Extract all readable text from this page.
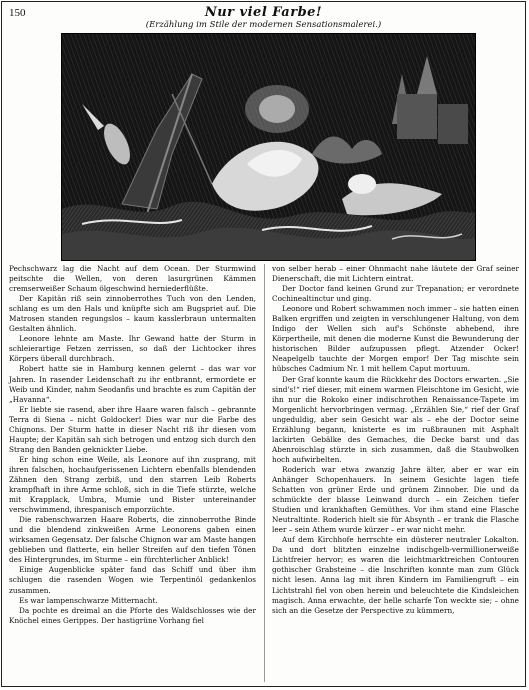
150	Nur viel Farbe!
(Erzählung im Stile der modernen Sensationsmalerei.)

Pechschwarz lag die Nacht auf dem Ocean. Der Sturmwind peitschte die Wellen, von deren lasurgrünen Kämmen cremserweißer Schaum ölgeschwind herniederflüßte.

Der Kapitän riß sein zinnoberrothes Tuch von den Lenden, schlang es um den Hals und knüpfte sich am Bugspriet auf. Die Matrosen standen regungslos – kaum kasslerbraun untermalten Gestalten ähnlich.

Leonore lehnte am Maste. Ihr Gewand hatte der Sturm in schleierartige Fetzen zerrissen, so daß der Lichtocker ihres Körpers überall durchbrach.

Robert hatte sie in Hamburg kennen gelernt – das war vor Jahren. In rasender Leidenschaft zu ihr entbrannt, ermordete er Weib und Kinder, nahm Seodanfis und brachte es zum Capitän der „Havanna“.

Er liebte sie rasend, aber ihre Haare waren falsch – gebrannte Terra di Siena – nicht Goldocker! Dies war nur die Farbe des Chignons. Der Sturm hatte in dieser Nacht riß ihr diesen vom Haupte; der Kapitän sah sich betrogen und entzog sich durch den Strang den Banden geknickter Liebe.

Er hing schon eine Weile, als Leonore auf ihn zusprang, mit ihren falschen, hochaufgerissenen Lichtern ebenfalls blendenden Zähnen den Strang zerbiß, und den starren Leib Roberts krampfhaft in ihre Arme schloß, sich in die Tiefe stürzte, welche mit Krapplack, Umbra, Mumie und Bister untereinander verschwimmend, ihrespanisch emporzüchte.

Die rabenschwarzen Haare Roberts, die zinnoberrothe Binde und die blendend zinkweißen Arme Leonorens gaben einen wirksamen Gegensatz. Der falsche Chignon war am Maste hangen geblieben und flatterte, ein heller Streifen auf den tiefen Tönen des Hintergrundes, im Sturme – ein fürchterlicher Anblick!

Einige Augenblicke später fand das Schiff und über ihm schlugen die rasenden Wogen wie Terpentinöl gedankenlos zusammen.

Es war lampenschwarze Mitternacht.

Da pochte es dreimal an die Pforte des Waldschlosses wie der Knöchel eines Gerippes. Der hastigrüne Vorhang fiel

von selber herab – einer Ohnmacht nahe läutete der Graf seiner Dienerschaft, die mit Lichtern eintrat.

Der Doctor fand keinen Grund zur Trepanation; er verordnete Cochinealtinctur und ging.

Leonore und Robert schwammen noch immer – sie hatten einen Balken ergriffen und zeigten in verschlungener Haltung, von dem Indigo der Wellen sich auf's Schönste abhebend, ihre Körpertheile, mit denen die moderne Kunst die Bewunderung der historischen Bilder aufzupussen pflegt. Atzender Ocker! Neapelgelb tauchte der Morgen empor! Der Tag mischte sein hübsches Cadmium Nr. 1 mit hellem Caput mortuum.

Der Graf konnte kaum die Rückkehr des Doctors erwarten. „Sie sind's!“ rief dieser, mit einem warmen Fleischtone im Gesicht, wie ihn nur die Rokoko einer indischrothen Renaissance-Tapete im Morgenlicht hervorbringen vermag. „Erzählen Sie,“ rief der Graf ungeduldig, aber sein Gesicht war als – ehe der Doctor seine Erzählung begann, knisterte es im rußbraunen mit Asphalt lackirten Gebälke des Gemaches, die Decke barst und das Abenroischlag stürzte in sich zusammen, daß die Staubwolken hoch aufwirbelten.

Roderich war etwa zwanzig Jahre älter, aber er war ein Anhänger Schopenhauers. In seinem Gesichte lagen tiefe Schatten von grüner Erde und grünem Zinnober. Die und da schmückte der blasse Leinwand durch – ein Zeichen tiefer Studien und krankhaften Gemüthes. Vor ihm stand eine Flasche Neutraltinte. Roderich hielt sie für Absynth – er trank die Flasche leer – sein Athem wurde kürzer – er war nicht mehr.

Auf dem Kirchhofe herrschte ein düsterer neutraler Lokalton. Da und dort blitzten einzelne indischgelb-vermillionerweiße Lichtfreier hervor; es waren die leichtmarktreichen Contouren gothischer Grabsteine – die Inschriften konnte man zum Glück nicht lesen. Anna lag mit ihren Kindern im Familiengruft – ein Lichtstrahl fiel von oben herein und beleuchtete die Kindsleichen magisch. Anna erwachte, der helle scharfe Ton weckte sie; – ohne sich an die Gesetze der Perspective zu kümmern,
